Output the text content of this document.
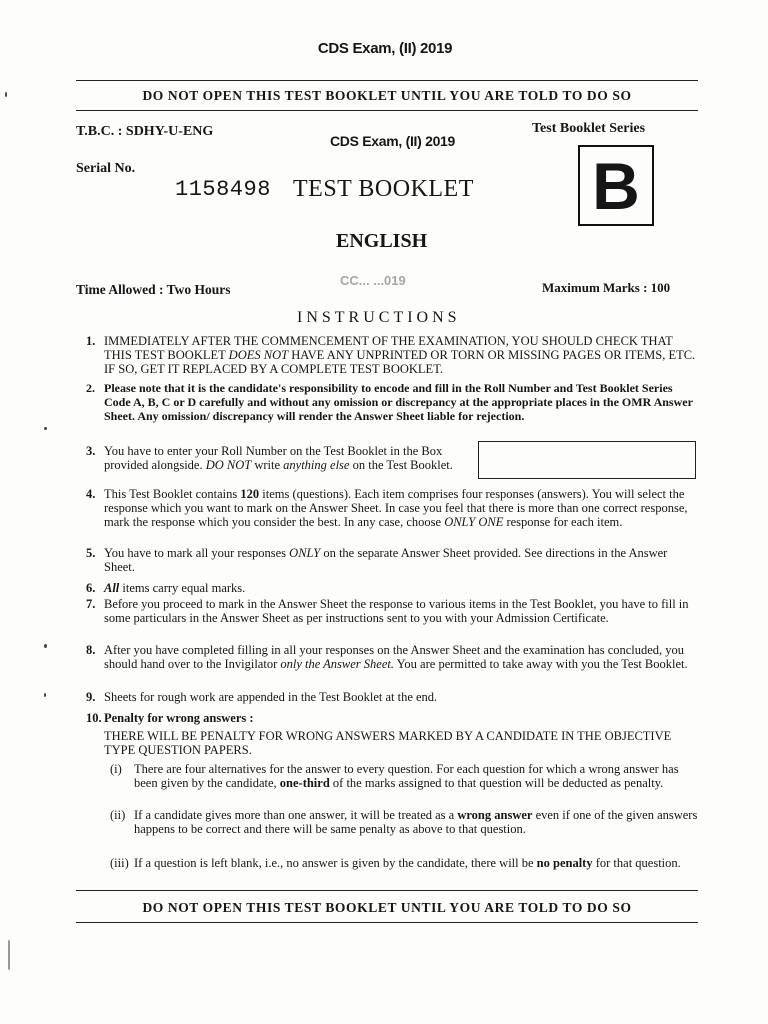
CDS Exam, (II) 2019
DO NOT OPEN THIS TEST BOOKLET UNTIL YOU ARE TOLD TO DO SO
T.B.C. : SDHY-U-ENG
CDS Exam, (II) 2019
Test Booklet Series
Serial No.
1158498 TEST BOOKLET B
ENGLISH
Time Allowed : Two Hours
CC... ...019	Maximum Marks : 100
INSTRUCTIONS
1. IMMEDIATELY AFTER THE COMMENCEMENT OF THE EXAMINATION, YOU SHOULD CHECK THAT THIS TEST BOOKLET DOES NOT HAVE ANY UNPRINTED OR TORN OR MISSING PAGES OR ITEMS, ETC. IF SO, GET IT REPLACED BY A COMPLETE TEST BOOKLET.
2. Please note that it is the candidate's responsibility to encode and fill in the Roll Number and Test Booklet Series Code A, B, C or D carefully and without any omission or discrepancy at the appropriate places in the OMR Answer Sheet. Any omission/ discrepancy will render the Answer Sheet liable for rejection.
3. You have to enter your Roll Number on the Test Booklet in the Box provided alongside. DO NOT write anything else on the Test Booklet.
4. This Test Booklet contains 120 items (questions). Each item comprises four responses (answers). You will select the response which you want to mark on the Answer Sheet. In case you feel that there is more than one correct response, mark the response which you consider the best. In any case, choose ONLY ONE response for each item.
5. You have to mark all your responses ONLY on the separate Answer Sheet provided. See directions in the Answer Sheet.
6. All items carry equal marks.
7. Before you proceed to mark in the Answer Sheet the response to various items in the Test Booklet, you have to fill in some particulars in the Answer Sheet as per instructions sent to you with your Admission Certificate.
8. After you have completed filling in all your responses on the Answer Sheet and the examination has concluded, you should hand over to the Invigilator only the Answer Sheet. You are permitted to take away with you the Test Booklet.
9. Sheets for rough work are appended in the Test Booklet at the end.
10. Penalty for wrong answers :
THERE WILL BE PENALTY FOR WRONG ANSWERS MARKED BY A CANDIDATE IN THE OBJECTIVE TYPE QUESTION PAPERS.
(i) There are four alternatives for the answer to every question. For each question for which a wrong answer has been given by the candidate, one-third of the marks assigned to that question will be deducted as penalty.
(ii) If a candidate gives more than one answer, it will be treated as a wrong answer even if one of the given answers happens to be correct and there will be same penalty as above to that question.
(iii) If a question is left blank, i.e., no answer is given by the candidate, there will be no penalty for that question.
DO NOT OPEN THIS TEST BOOKLET UNTIL YOU ARE TOLD TO DO SO
